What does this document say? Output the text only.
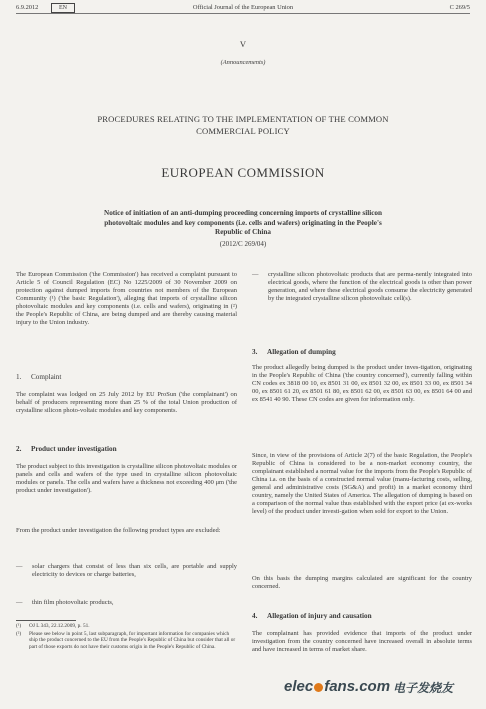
6.9.2012	EN	Official Journal of the European Union	C 269/5
V
(Announcements)
PROCEDURES RELATING TO THE IMPLEMENTATION OF THE COMMON
COMMERCIAL POLICY
EUROPEAN COMMISSION
Notice of initiation of an anti-dumping proceeding concerning imports of crystalline silicon
photovoltaic modules and key components (i.e. cells and wafers) originating in the People's
Republic of China
(2012/C 269/04)
The European Commission ('the Commission') has received a complaint pursuant to Article 5 of Council Regulation (EC) No 1225/2009 of 30 November 2009 on protection against dumped imports from countries not members of the European Community (¹) ('the basic Regulation'), alleging that imports of crystalline silicon photovoltaic modules and key components (i.e. cells and wafers), originating in (²) the People's Republic of China, are being dumped and are thereby causing material injury to the Union industry.
1. Complaint
The complaint was lodged on 25 July 2012 by EU ProSun ('the complainant') on behalf of producers representing more than 25 % of the total Union production of crystalline silicon photo-voltaic modules and key components.
2. Product under investigation
The product subject to this investigation is crystalline silicon photovoltaic modules or panels and cells and wafers of the type used in crystalline silicon photovoltaic modules or panels. The cells and wafers have a thickness not exceeding 400 μm ('the product under investigation').
From the product under investigation the following product types are excluded:
— solar chargers that consist of less than six cells, are portable and supply electricity to devices or charge batteries,
— thin film photovoltaic products,
(¹) OJ L 343, 22.12.2009, p. 51.
(²) Please see below in point 5, last subparagraph, for important information for companies which ship the product concerned to the EU from the People's Republic of China but consider that all or part of those exports do not have their customs origin in the People's Republic of China.
— crystalline silicon photovoltaic products that are perma-nently integrated into electrical goods, where the function of the electrical goods is other than power generation, and where these electrical goods consume the electricity generated by the integrated crystalline silicon photovoltaic cell(s).
3. Allegation of dumping
The product allegedly being dumped is the product under inves-tigation, originating in the People's Republic of China ('the country concerned'), currently falling within CN codes ex 3818 00 10, ex 8501 31 00, ex 8501 32 00, ex 8501 33 00, ex 8501 34 00, ex 8501 61 20, ex 8501 61 80, ex 8501 62 00, ex 8501 63 00, ex 8501 64 00 and ex 8541 40 90. These CN codes are given for information only.
Since, in view of the provisions of Article 2(7) of the basic Regulation, the People's Republic of China is considered to be a non-market economy country, the complainant established a normal value for the imports from the People's Republic of China i.a. on the basis of a constructed normal value (manu-facturing costs, selling, general and administrative costs (SG&A) and profit) in a market economy third country, namely the United States of America. The allegation of dumping is based on a comparison of the normal value thus established with the export price (at ex-works level) of the product under investi-gation when sold for export to the Union.
On this basis the dumping margins calculated are significant for the country concerned.
4. Allegation of injury and causation
The complainant has provided evidence that imports of the product under investigation from the country concerned have increased overall in absolute terms and have increased in terms of market share.
elec fans.com 电子发烧友
